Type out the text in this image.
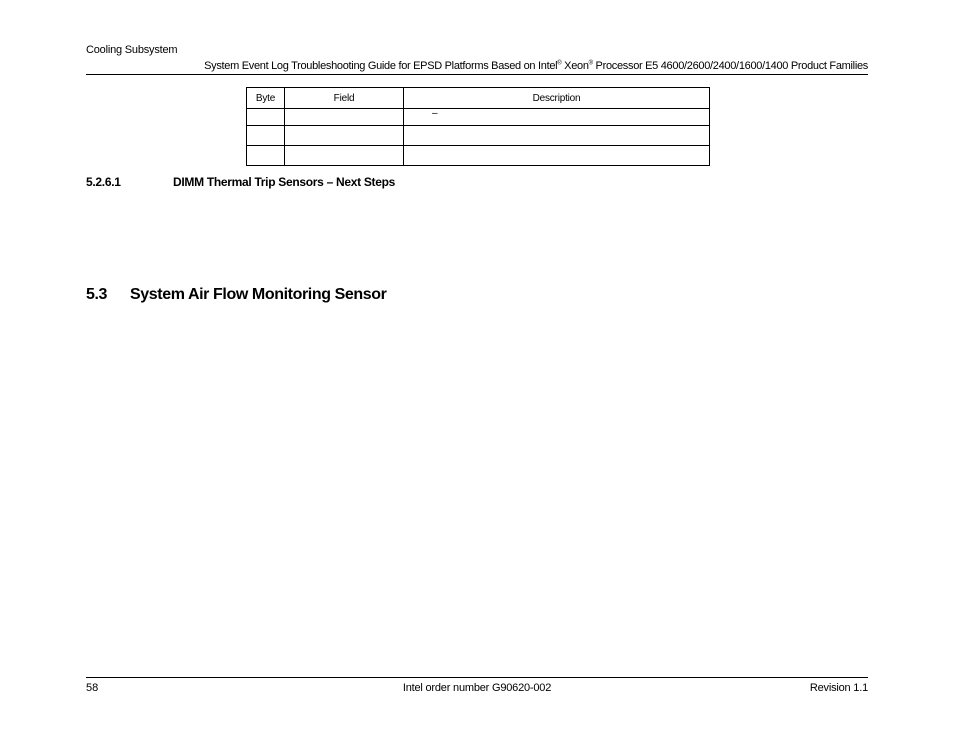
Cooling Subsystem
System Event Log Troubleshooting Guide for EPSD Platforms Based on Intel® Xeon® Processor E5 4600/2600/2400/1600/1400 Product Families
Byte	Field	Description
		–

5.2.6.1	DIMM Thermal Trip Sensors – Next Steps
5.3 System Air Flow Monitoring Sensor
58	Intel order number G90620-002	Revision 1.1
